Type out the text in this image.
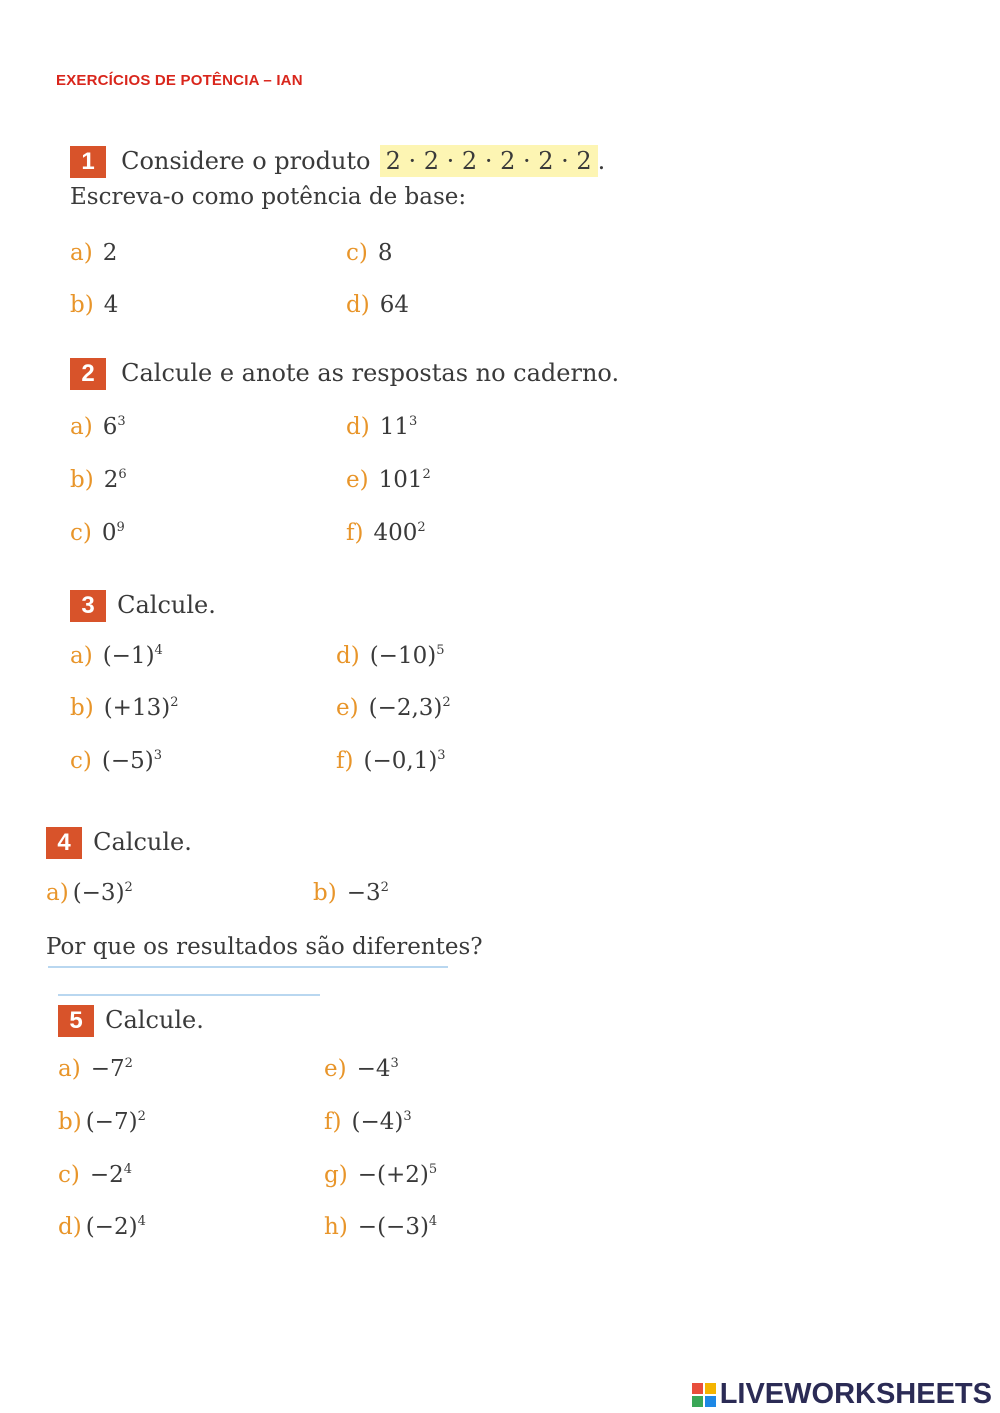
EXERCÍCIOS DE POTÊNCIA – IAN
1 Considere o produto 2 · 2 · 2 · 2 · 2 · 2 .
Escreva-o como potência de base:
a) 2
b) 4
c) 8
d) 64
2 Calcule e anote as respostas no caderno.
a) $6^3$
b) $2^6$
c) $0^9$
d) $11^3$
e) $101^2$
f) $400^2$
3 Calcule.
a) $(-1)^4$
b) $(+13)^2$
c) $(-5)^3$
d) $(-10)^5$
e) $(-2,3)^2$
f) $(-0,1)^3$
4 Calcule.
a) $(-3)^2$	$b) -3^2$
Por que os resultados são diferentes?
5 Calcule.
$a) -7^2$
b) $(-7)^2$
$c) -2^4$
d) $(-2)^4$
$e) -4^3$
f) $(-4)^3$
$g) -(+2)^5$
$h) -(-3)^4$
LIVEWORKSHEETS
